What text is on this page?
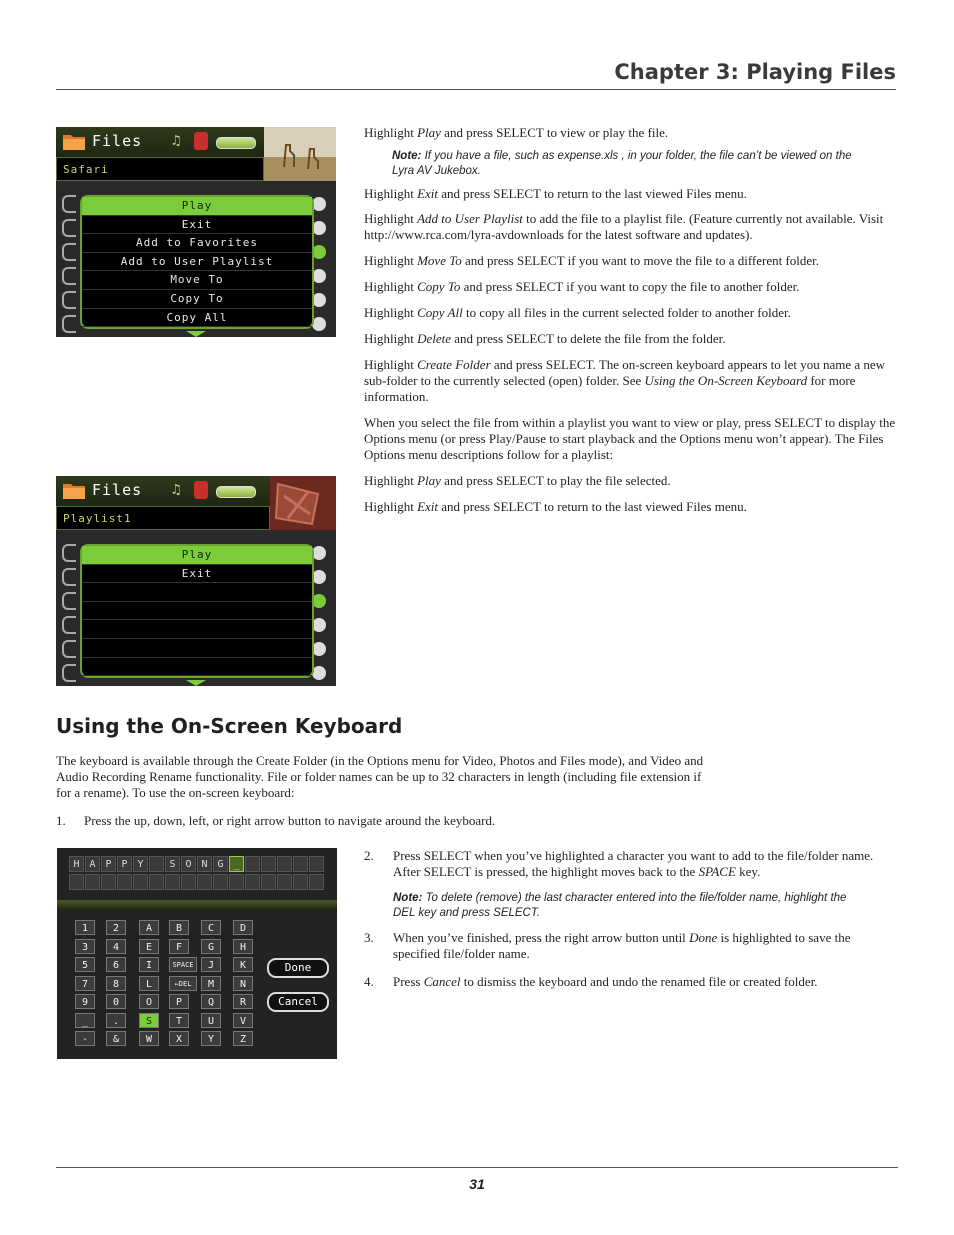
Chapter 3: Playing Files
Files ♫
Safari
Play
Exit
Add to Favorites
Add to User Playlist
Move To
Copy To
Copy All
Files ♫
Playlist1
Play
Exit

Highlight Play and press SELECT to view or play the file.

Note: If you have a file, such as expense.xls , in your folder, the file can’t be viewed on the Lyra AV Jukebox.

Highlight Exit and press SELECT to return to the last viewed Files menu.

Highlight Add to User Playlist to add the file to a playlist file. (Feature currently not available. Visit http://www.rca.com/lyra-avdownloads for the latest software and updates).

Highlight Move To and press SELECT if you want to move the file to a different folder.

Highlight Copy To and press SELECT if you want to copy the file to another folder.

Highlight Copy All to copy all files in the current selected folder to another folder.

Highlight Delete and press SELECT to delete the file from the folder.

Highlight Create Folder and press SELECT. The on-screen keyboard appears to let you name a new sub-folder to the currently selected (open) folder. See Using the On-Screen Keyboard for more information.

When you select the file from within a playlist you want to view or play, press SELECT to display the Options menu (or press Play/Pause to start playback and the Options menu won’t appear). The Files Options menu descriptions follow for a playlist:

Highlight Play and press SELECT to play the file selected.

Highlight Exit and press SELECT to return to the last viewed Files menu.

Using the On-Screen Keyboard

The keyboard is available through the Create Folder (in the Options menu for Video, Photos and Files mode), and Video and Audio Recording Rename functionality. File or folder names can be up to 32 characters in length (including file extension if for a rename). To use the on-screen keyboard:

1. Press the up, down, left, or right arrow button to navigate around the keyboard.

2. Press SELECT when you’ve highlighted a character you want to add to the file/folder name. After SELECT is pressed, the highlight moves back to the SPACE key.

Note: To delete (remove) the last character entered into the file/folder name, highlight the DEL key and press SELECT.

3. When you’ve finished, press the right arrow button until Done is highlighted to save the specified file/folder name.

4. Press Cancel to dismiss the keyboard and undo the renamed file or created folder.

H A P P Y	S O N G _
1	2	A	B	C	D
3	4	E	F	G	H
5	6	I	SPACE	J	K
7	8	L	←DEL	M	N
9	0	O	P	Q	R
_	.	S	T	U	V
-	&	W	X	Y	Z
Done
Cancel
31
